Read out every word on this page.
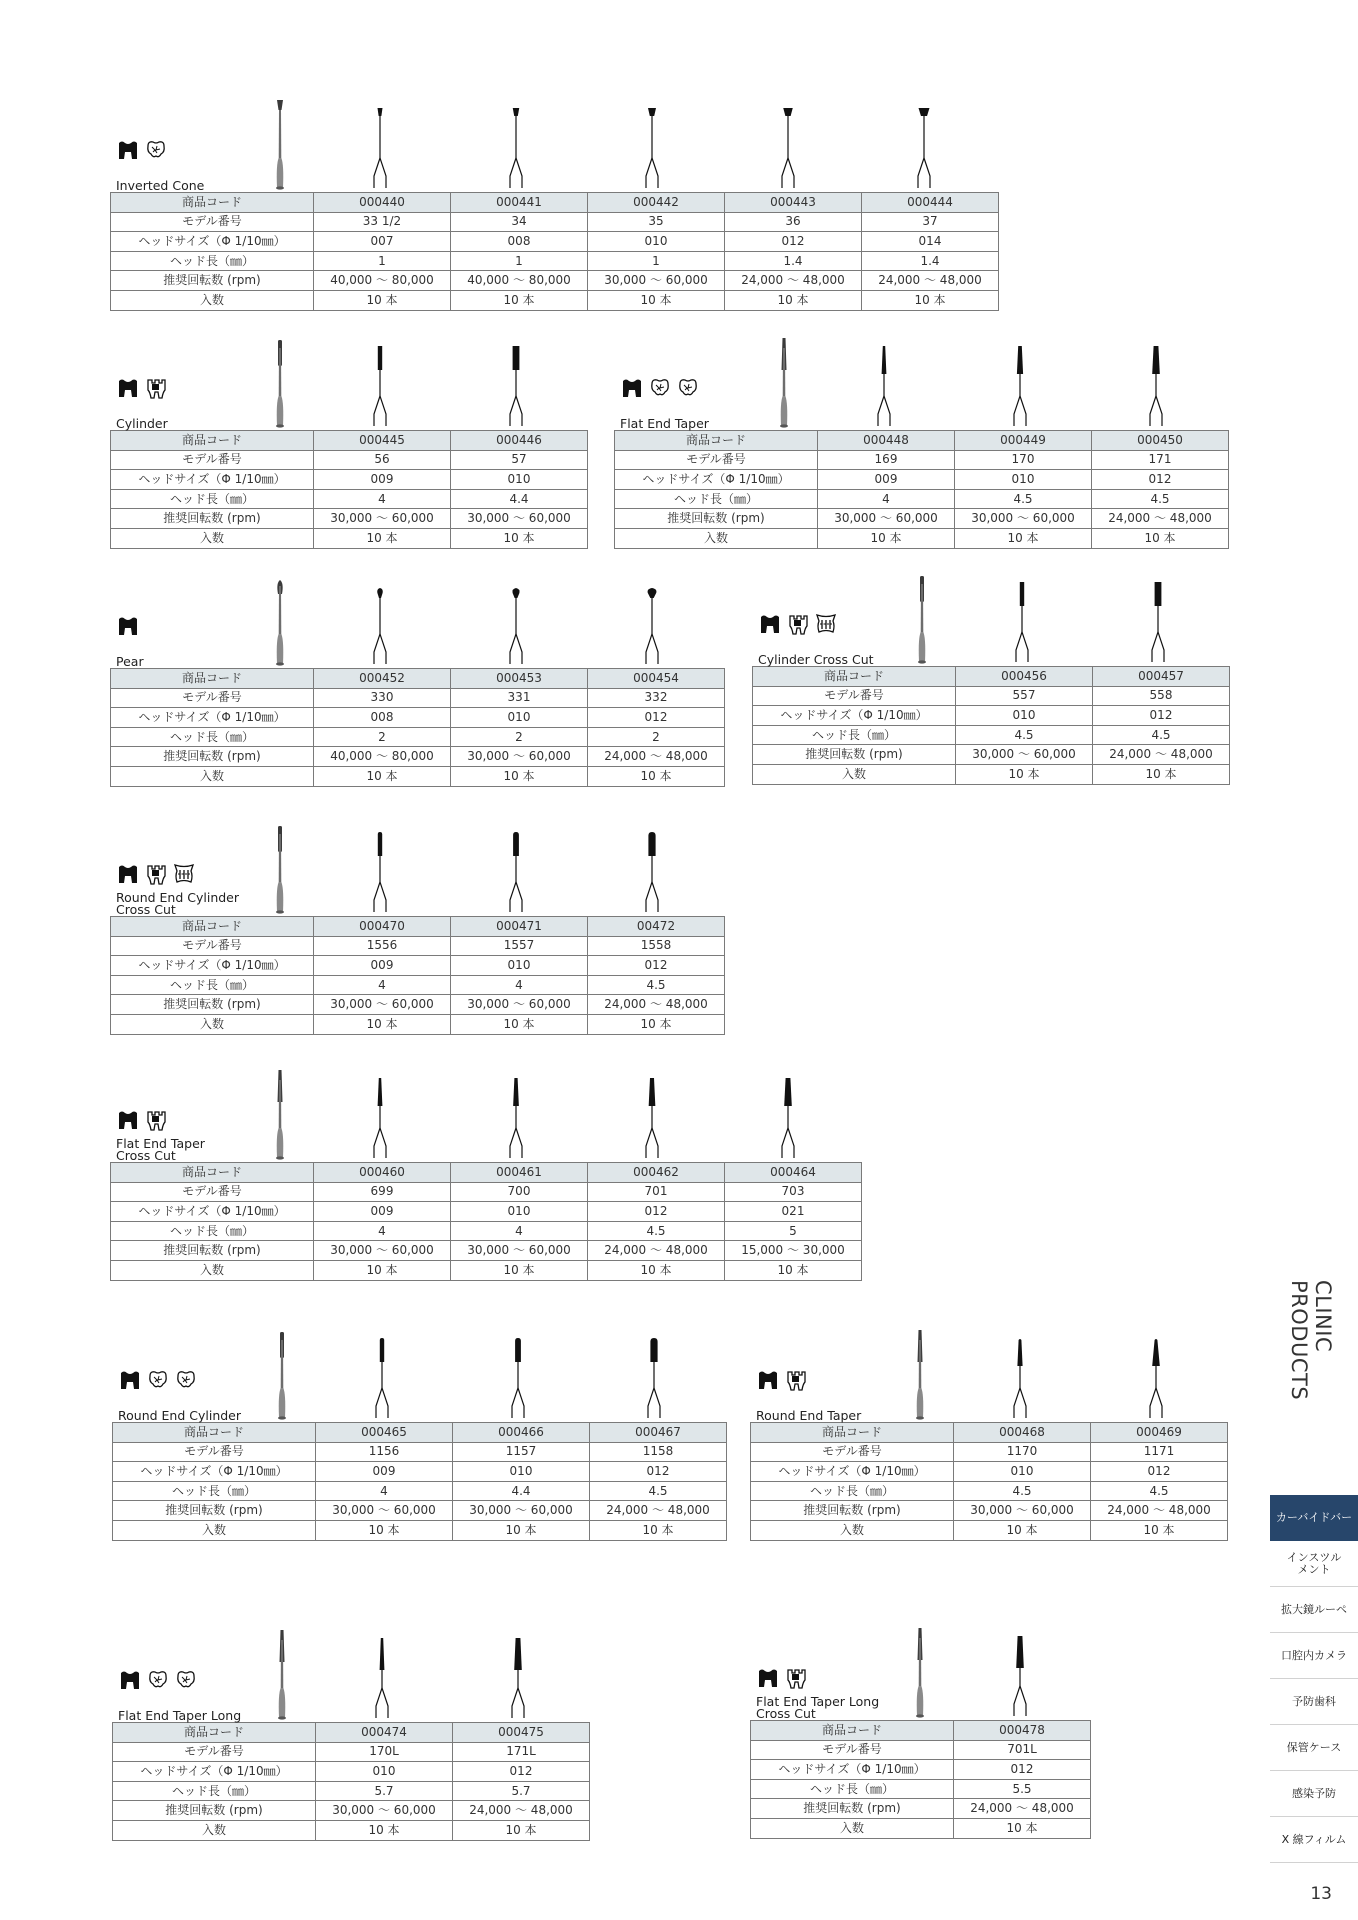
Inverted Cone
商品コード	000440	000441	000442	000443	000444
モデル番号	33 1/2	34	35	36	37
ヘッドサイズ（Φ 1/10㎜）	007	008	010	012	014
ヘッド長（㎜）	1	1	1	1.4	1.4
推奨回転数 (rpm)	40,000 ～ 80,000	40,000 ～ 80,000	30,000 ～ 60,000	24,000 ～ 48,000	24,000 ～ 48,000
入数	10 本	10 本	10 本	10 本	10 本
Cylinder
商品コード	000445	000446
モデル番号	56	57
ヘッドサイズ（Φ 1/10㎜）	009	010
ヘッド長（㎜）	4	4.4
推奨回転数 (rpm)	30,000 ～ 60,000	30,000 ～ 60,000
入数	10 本	10 本
Flat End Taper
商品コード	000448	000449	000450
モデル番号	169	170	171
ヘッドサイズ（Φ 1/10㎜）	009	010	012
ヘッド長（㎜）	4	4.5	4.5
推奨回転数 (rpm)	30,000 ～ 60,000	30,000 ～ 60,000	24,000 ～ 48,000
入数	10 本	10 本	10 本
Pear
商品コード	000452	000453	000454
モデル番号	330	331	332
ヘッドサイズ（Φ 1/10㎜）	008	010	012
ヘッド長（㎜）	2	2	2
推奨回転数 (rpm)	40,000 ～ 80,000	30,000 ～ 60,000	24,000 ～ 48,000
入数	10 本	10 本	10 本
Cylinder Cross Cut
商品コード	000456	000457
モデル番号	557	558
ヘッドサイズ（Φ 1/10㎜）	010	012
ヘッド長（㎜）	4.5	4.5
推奨回転数 (rpm)	30,000 ～ 60,000	24,000 ～ 48,000
入数	10 本	10 本
Round End Cylinder
Cross Cut
商品コード	000470	000471	00472
モデル番号	1556	1557	1558
ヘッドサイズ（Φ 1/10㎜）	009	010	012
ヘッド長（㎜）	4	4	4.5
推奨回転数 (rpm)	30,000 ～ 60,000	30,000 ～ 60,000	24,000 ～ 48,000
入数	10 本	10 本	10 本
Flat End Taper
Cross Cut
商品コード	000460	000461	000462	000464
モデル番号	699	700	701	703
ヘッドサイズ（Φ 1/10㎜）	009	010	012	021
ヘッド長（㎜）	4	4	4.5	5
推奨回転数 (rpm)	30,000 ～ 60,000	30,000 ～ 60,000	24,000 ～ 48,000	15,000 ～ 30,000
入数	10 本	10 本	10 本	10 本
Round End Cylinder
商品コード	000465	000466	000467
モデル番号	1156	1157	1158
ヘッドサイズ（Φ 1/10㎜）	009	010	012
ヘッド長（㎜）	4	4.4	4.5
推奨回転数 (rpm)	30,000 ～ 60,000	30,000 ～ 60,000	24,000 ～ 48,000
入数	10 本	10 本	10 本
Round End Taper
商品コード	000468	000469
モデル番号	1170	1171
ヘッドサイズ（Φ 1/10㎜）	010	012
ヘッド長（㎜）	4.5	4.5
推奨回転数 (rpm)	30,000 ～ 60,000	24,000 ～ 48,000
入数	10 本	10 本
Flat End Taper Long
商品コード	000474	000475
モデル番号	170L	171L
ヘッドサイズ（Φ 1/10㎜）	010	012
ヘッド長（㎜）	5.7	5.7
推奨回転数 (rpm)	30,000 ～ 60,000	24,000 ～ 48,000
入数	10 本	10 本
Flat End Taper Long
Cross Cut
商品コード	000478
モデル番号	701L
ヘッドサイズ（Φ 1/10㎜）	012
ヘッド長（㎜）	5.5
推奨回転数 (rpm)	24,000 ～ 48,000
入数	10 本
CLINIC PRODUCTS
カーバイドバー
インスツル
メント
拡大鏡ルーペ
口腔内カメラ
予防歯科
保管ケース
感染予防
X 線フィルム
13
